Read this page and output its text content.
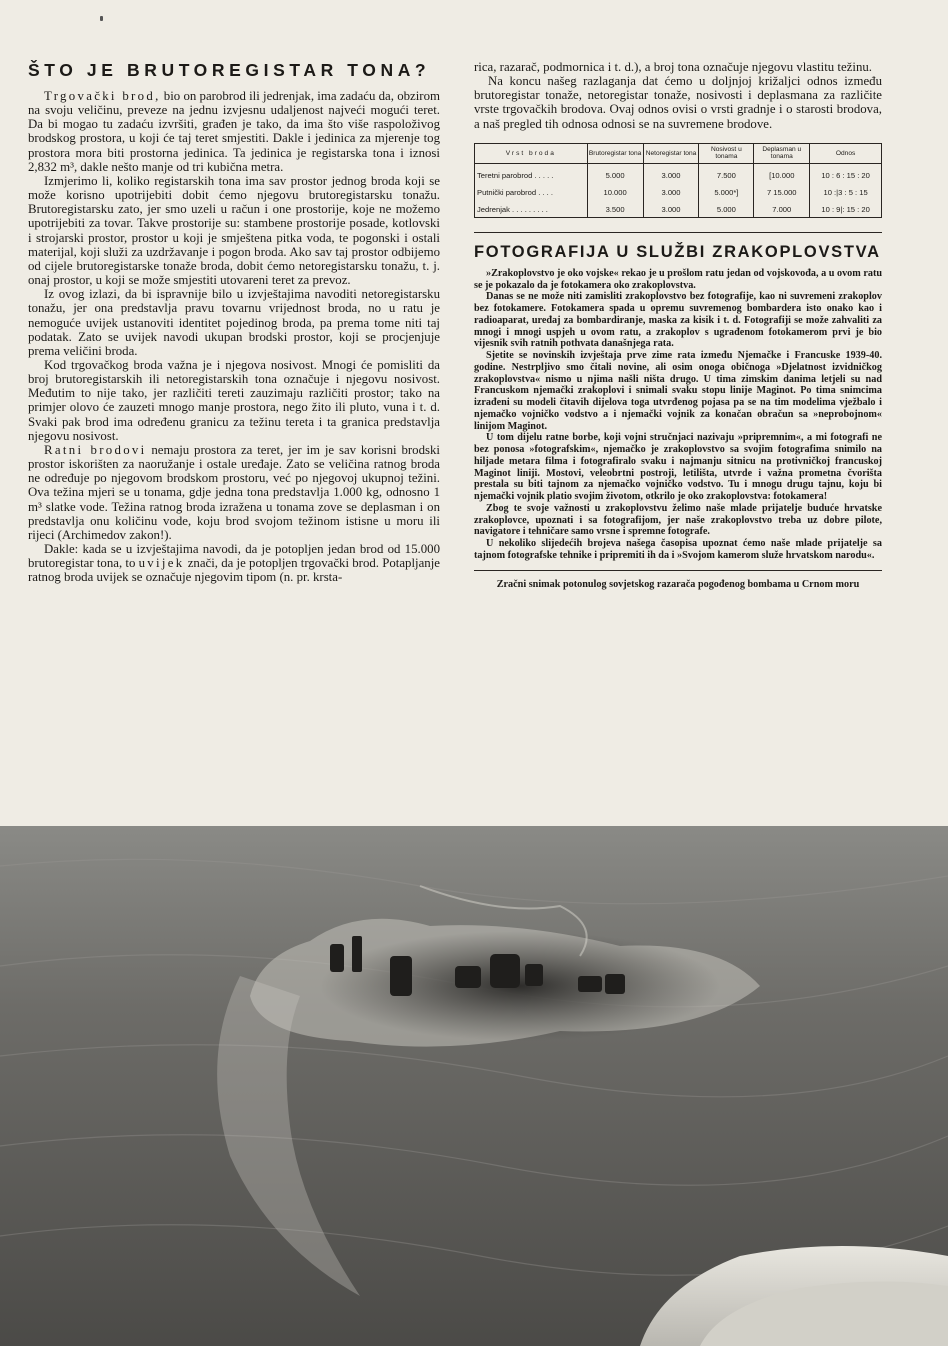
ŠTO JE BRUTOREGISTAR TONA?

Trgovački brod, bio on parobrod ili jedrenjak, ima zadaću da, obzirom na svoju veličinu, preveze na jednu izvjesnu udaljenost najveći mogući teret. Da bi mogao tu zadaću izvršiti, građen je tako, da ima što više raspoloživog brodskog prostora, u koji će taj teret smjestiti. Dakle i jedinica za mjerenje tog prostora mora biti prostorna jedinica. Ta jedinica je registarska tona i iznosi 2,832 m³, dakle nešto manje od tri kubična metra.

Izmjerimo li, koliko registarskih tona ima sav prostor jednog broda koji se može korisno upotrijebiti dobit ćemo njegovu brutoregistarsku tonažu. Brutoregistarsku zato, jer smo uzeli u račun i one prostorije, koje ne možemo upotrijebiti za tovar. Takve prostorije su: stambene prostorije posade, kotlovski i strojarski prostor, prostor u koji je smještena pitka voda, te pogonski i ostali materijal, koji služi za uzdržavanje i pogon broda. Ako sav taj prostor odbijemo od cijele brutoregistarske tonaže broda, dobit ćemo netoregistarsku tonažu, t. j. onaj prostor, u koji se može smjestiti utovareni teret za prevoz.

Iz ovog izlazi, da bi ispravnije bilo u izvještajima navoditi netoregistarsku tonažu, jer ona predstavlja pravu tovarnu vrijednost broda, no u ratu je nemoguće uvijek ustanoviti identitet pojedinog broda, pa prema tome niti taj podatak. Zato se uvijek navodi ukupan brodski prostor, koji se procjenjuje prema veličini broda.

Kod trgovačkog broda važna je i njegova nosivost. Mnogi će pomisliti da broj brutoregistarskih ili netoregistarskih tona označuje i njegovu nosivost. Međutim to nije tako, jer različiti tereti zauzimaju različiti prostor; tako na primjer olovo će zauzeti mnogo manje prostora, nego žito ili pluto, vuna i t. d. Svaki pak brod ima određenu granicu za težinu tereta i ta granica predstavlja njegovu nosivost.

Ratni brodovi nemaju prostora za teret, jer im je sav korisni brodski prostor iskorišten za naoružanje i ostale uređaje. Zato se veličina ratnog broda ne određuje po njegovom brodskom prostoru, već po njegovoj ukupnoj težini. Ova težina mjeri se u tonama, gdje jedna tona predstavlja 1.000 kg, odnosno 1 m³ slatke vode. Težina ratnog broda izražena u tonama zove se deplasman i on predstavlja onu količinu vode, koju brod svojom težinom istisne u moru ili rijeci (Archimedov zakon!).

Dakle: kada se u izvještajima navodi, da je potopljen jedan brod od 15.000 brutoregistar tona, to uvijek znači, da je potopljen trgovački brod. Potapljanje ratnog broda uvijek se označuje njegovim tipom (n. pr. krsta-

rica, razarač, podmornica i t. d.), a broj tona označuje njegovu vlastitu težinu.

Na koncu našeg razlaganja dat ćemo u doljnjoj križaljci odnos između brutoregistar tonaže, netoregistar tonaže, nosivosti i deplasmana za različite vrste trgovačkih brodova. Ovaj odnos ovisi o vrsti gradnje i o starosti brodova, a naš pregled tih odnosa odnosi se na suvremene brodove.

Vrst broda	Brutoregistar tona	Netoregistar tona	Nosivost u tonama	Deplasman u tonama	Odnos
Teretni parobrod . . . . .	5.000	3.000	7.500	[10.000	10 : 6 : 15 : 20
Putnički parobrod . . . .	10.000	3.000	5.000*]	7 15.000	10 :|3 : 5 : 15
Jedrenjak . . . . . . . . .	3.500	3.000	5.000	7.000	10 : 9|: 15 : 20
FOTOGRAFIJA U SLUŽBI ZRAKOPLOVSTVA

»Zrakoplovstvo je oko vojske« rekao je u prošlom ratu jedan od vojskovođa, a u ovom ratu se je pokazalo da je fotokamera oko zrakoplovstva.

Danas se ne može niti zamisliti zrakoplovstvo bez fotografije, kao ni suvremeni zrakoplov bez fotokamere. Fotokamera spada u opremu suvremenog bombardera isto onako kao i radioaparat, uređaj za bombardiranje, maska za kisik i t. d. Fotografiji se može zahvaliti za mnogi i mnogi uspjeh u ovom ratu, a zrakoplov s ugrađenom fotokamerom prvi je bio vijesnik svih ratnih pothvata današnjega rata.

Sjetite se novinskih izvještaja prve zime rata između Njemačke i Francuske 1939-40. godine. Nestrpljivo smo čitali novine, ali osim onoga običnoga »Djelatnost izvidničkog zrakoplovstva« nismo u njima našli ništa drugo. U tima zimskim danima letjeli su nad Francuskom njemački zrakoplovi i snimali svaku stopu linije Maginot. Po tima snimcima izrađeni su modeli čitavih dijelova toga utvrđenog pojasa pa se na tim modelima vježbalo i njemačko vojničko vodstvo a i njemački vojnik za konačan obračun sa »neprobojnom« linijom Maginot.

U tom dijelu ratne borbe, koji vojni stručnjaci nazivaju »pripremnim«, a mi fotografi ne bez ponosa »fotografskim«, njemačko je zrakoplovstvo sa svojim fotografima snimilo na hiljade metara filma i fotografiralo svaku i najmanju sitnicu na protivničkoj francuskoj Maginot liniji. Mostovi, veleobrtni postroji, letilišta, utvrde i važna prometna čvorišta prestala su biti tajnom za njemačko vojničko vodstvo. Tu i mnogu drugu tajnu, koju bi njemački vojnik platio svojim životom, otkrilo je oko zrakoplovstva: fotokamera!

Zbog te svoje važnosti u zrakoplovstvu želimo naše mlade prijatelje buduće hrvatske zrakoplovce, upoznati i sa fotografijom, jer naše zrakoplovstvo treba uz dobre pilote, navigatore i tehničare samo vrsne i spremne fotografe.

U nekoliko slijedećih brojeva našega časopisa upoznat ćemo naše mlade prijatelje sa tajnom fotografske tehnike i pripremiti ih da i »Svojom kamerom služe hrvatskom narodu«.

Zračni snimak potonulog sovjetskog razarača pogođenog bombama u Crnom moru
